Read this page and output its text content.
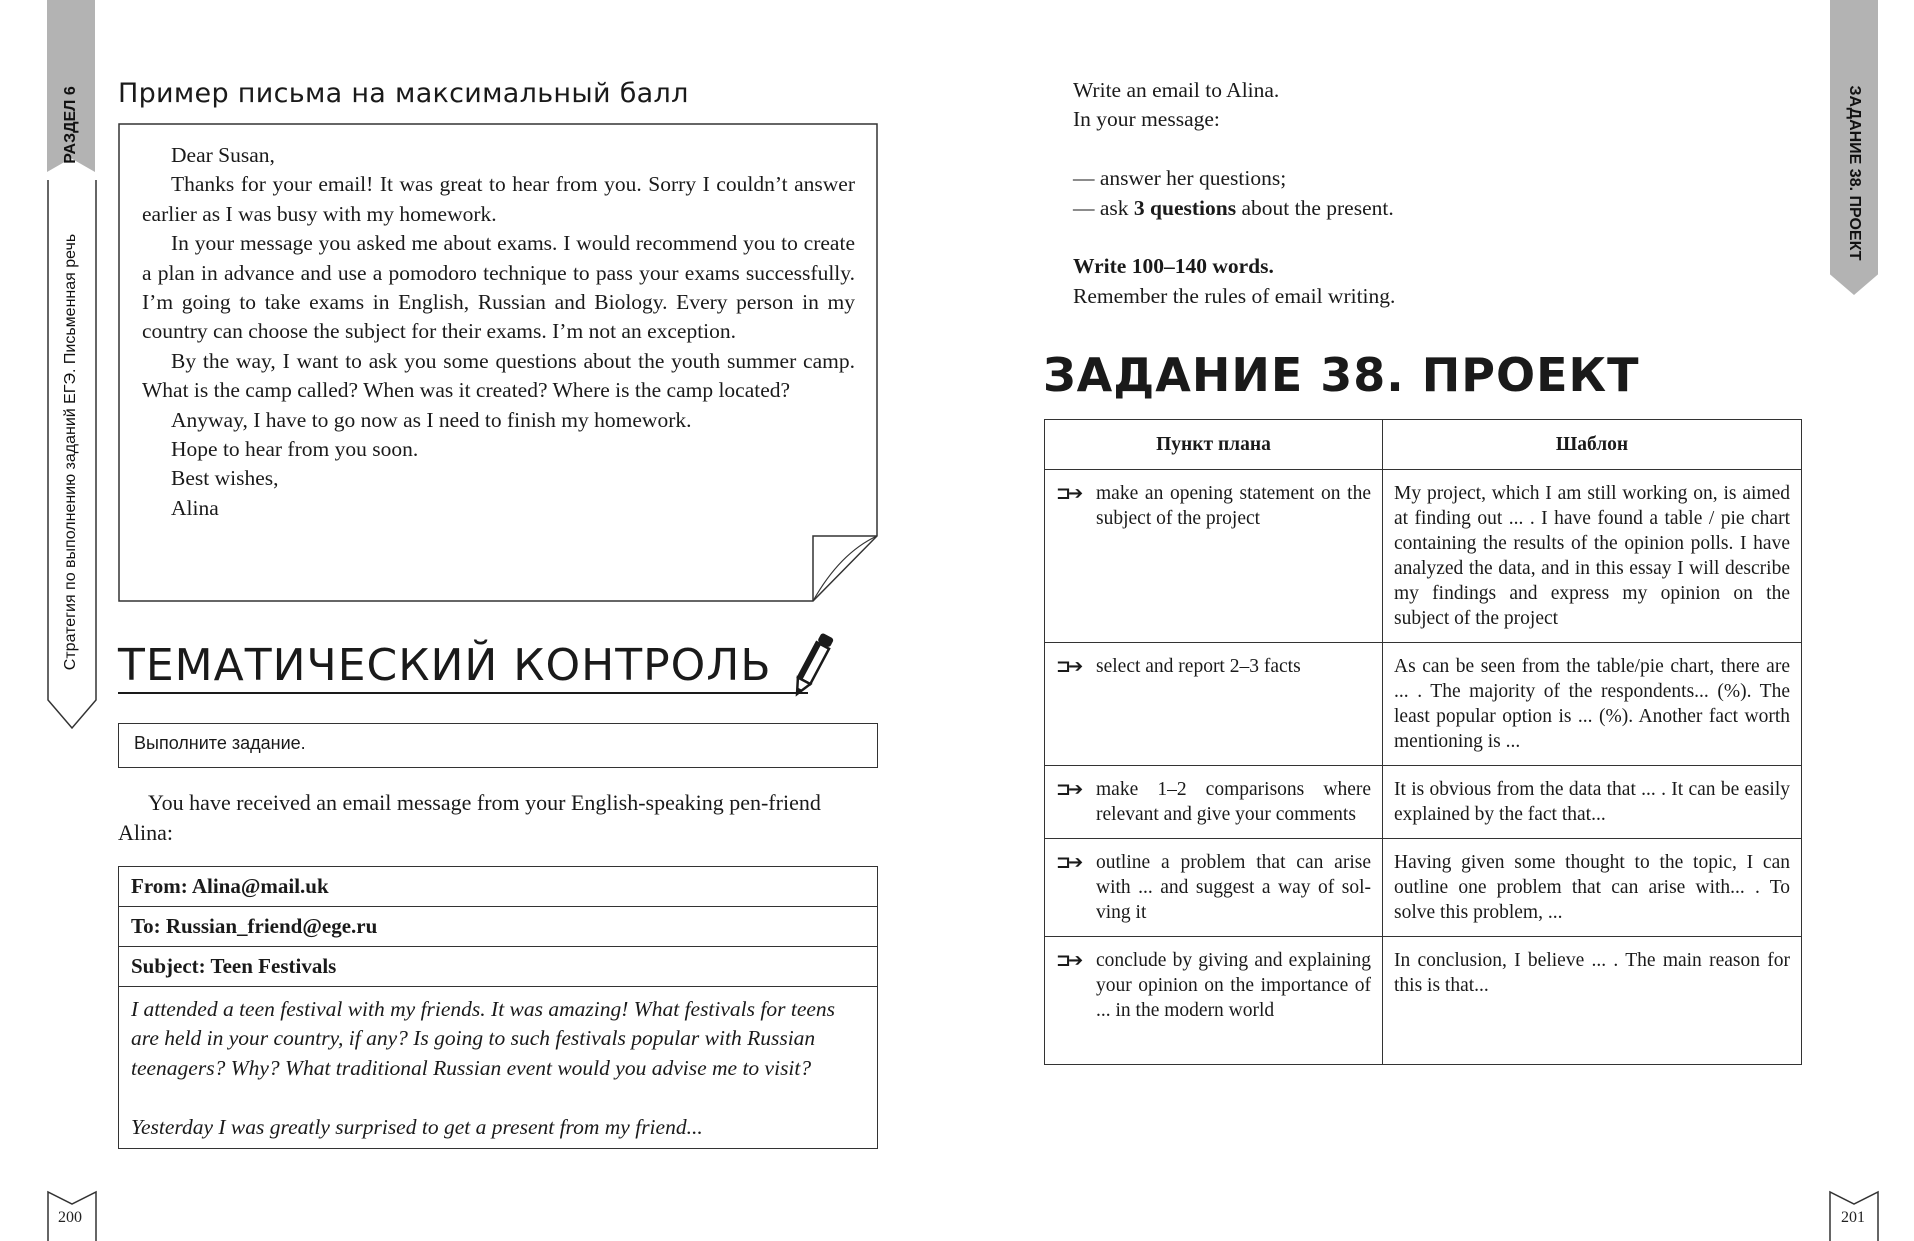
РАЗДЕЛ 6
Стратегия по выполнению заданий ЕГЭ. Письменная речь
ЗАДАНИЕ 38. ПРОЕКТ
200	201
Пример письма на максимальный балл

Dear Susan,

Thanks for your email! It was great to hear from you. Sorry I couldn’t answer earlier as I was busy with my homework.

In your message you asked me about exams. I would recommend you to create a plan in advance and use a pomodoro technique to pass your exams successfully. I’m going to take exams in English, Russian and Biology. Every person in my country can choose the subject for their exams. I’m not an exception.

By the way, I want to ask you some questions about the youth summer camp. What is the camp called? When was it created? Where is the camp located?

Anyway, I have to go now as I need to finish my homework.

Hope to hear from you soon.

Best wishes,

Alina

ТЕМАТИЧЕСКИЙ КОНТРОЛЬ
Выполните задание.
You have received an email message from your English-speaking pen-friend Alina:
From: Alina@mail.uk
To: Russian_friend@ege.ru
Subject: Teen Festivals

I attended a teen festival with my friends. It was amazing! What festivals for teens are held in your country, if any? Is going to such festivals popular with Russian teenagers? Why? What traditional Russian event would you advise me to visit?

Yesterday I was greatly surprised to get a present from my friend...

Write an email to Alina.
In your message:
— answer her questions;
— ask 3 questions about the present.
Write 100–140 words.
Remember the rules of email writing.
ЗАДАНИЕ 38. ПРОЕКТ
Пункт плана	Шаблон

⊐➔ make an opening statement on the subject of the project	My project, which I am still working on, is aimed at finding out ... . I have found a table / pie chart containing the results of the opinion polls. I have analyzed the data, and in this essay I will describe my findings and express my opinion on the subject of the project

⊐➔ select and report 2–3 facts	As can be seen from the table/pie chart, there are ... . The majority of the respondents... (%). The least popular option is ... (%). Another fact worth mentioning is ...

⊐➔ make 1–2 comparisons where relevant and give your comments	It is obvious from the data that ... . It can be easily explained by the fact that...

⊐➔ outline a problem that can arise with ... and suggest a way of solving it	Having given some thought to the topic, I can outline one problem that can arise with... . To solve this problem, ...

⊐➔ conclude by giving and explaining your opinion on the importance of ... in the modern world	In conclusion, I believe ... . The main reason for this is that...
